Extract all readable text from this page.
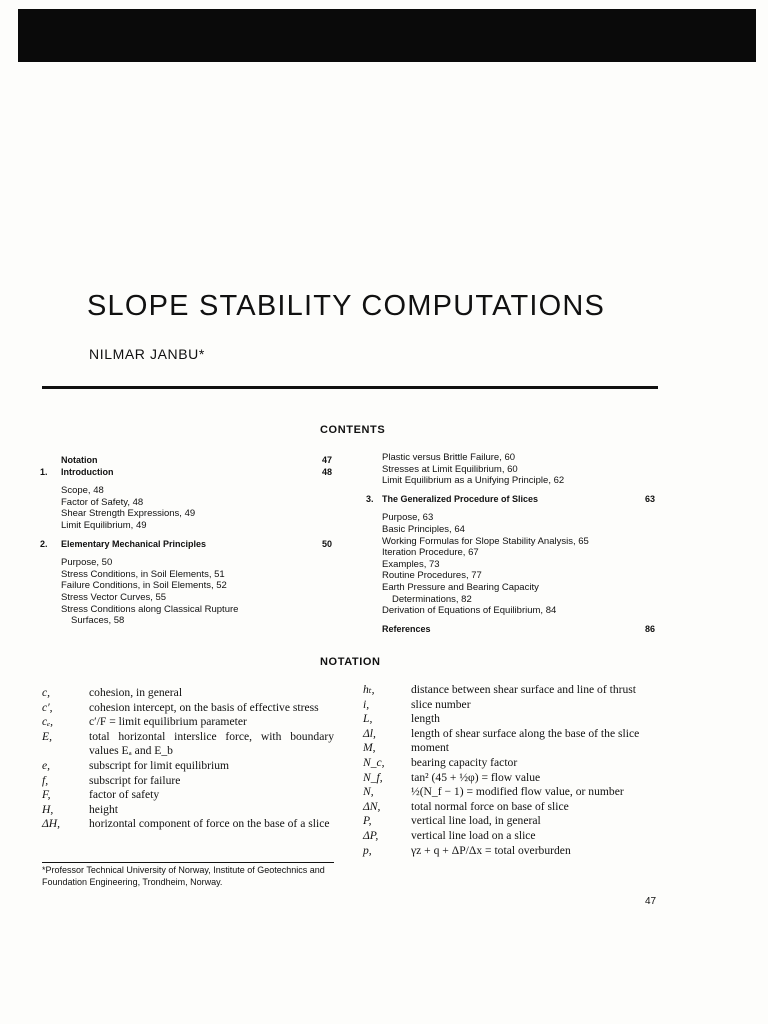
SLOPE STABILITY COMPUTATIONS
NILMAR JANBU*
CONTENTS
Notation	47
1. Introduction	48
Scope, 48
Factor of Safety, 48
Shear Strength Expressions, 49
Limit Equilibrium, 49
2. Elementary Mechanical Principles	50
Purpose, 50
Stress Conditions, in Soil Elements, 51
Failure Conditions, in Soil Elements, 52
Stress Vector Curves, 55
Stress Conditions along Classical Rupture
Surfaces, 58
Plastic versus Brittle Failure, 60
Stresses at Limit Equilibrium, 60
Limit Equilibrium as a Unifying Principle, 62
3. The Generalized Procedure of Slices	63
Purpose, 63
Basic Principles, 64
Working Formulas for Slope Stability Analysis, 65
Iteration Procedure, 67
Examples, 73
Routine Procedures, 77
Earth Pressure and Bearing Capacity
Determinations, 82
Derivation of Equations of Equilibrium, 84
References	86
NOTATION
c,	cohesion, in general
c′,	cohesion intercept, on the basis of effective stress
cₑ,	c′/F = limit equilibrium parameter
E,	total horizontal interslice force, with boundary values Eₐ and E_b
e,	subscript for limit equilibrium
f,	subscript for failure
F,	factor of safety
H,	height
ΔH,	horizontal component of force on the base of a slice
hₜ,	distance between shear surface and line of thrust
i,	slice number
L,	length
Δl,	length of shear surface along the base of the slice
M,	moment
N_c,	bearing capacity factor
N_f,	tan² (45 + ½φ) = flow value
N,	½(N_f − 1) = modified flow value, or number
ΔN,	total normal force on base of slice
P,	vertical line load, in general
ΔP,	vertical line load on a slice
p,	γz + q + ΔP/Δx = total overburden
*Professor Technical University of Norway, Institute of Geotechnics and Foundation Engineering, Trondheim, Norway.
47
